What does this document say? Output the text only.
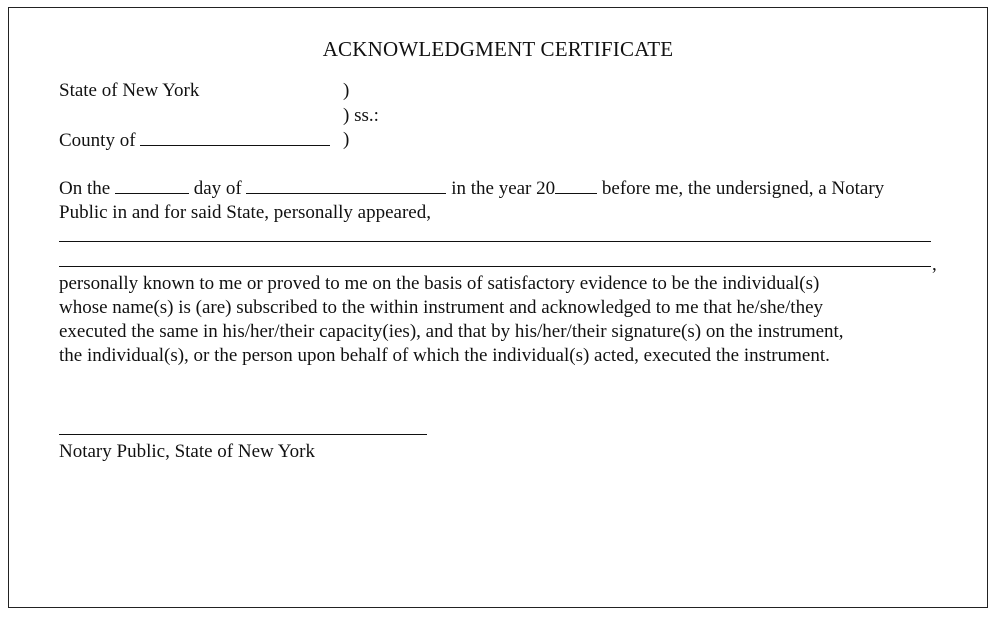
ACKNOWLEDGMENT CERTIFICATE
State of New York	)
) ss.:
County of	)
On the	day of	in the year 20 before me, the undersigned, a Notary
Public in and for said State, personally appeared,
,
personally known to me or proved to me on the basis of satisfactory evidence to be the individual(s)
whose name(s) is (are) subscribed to the within instrument and acknowledged to me that he/she/they
executed the same in his/her/their capacity(ies), and that by his/her/their signature(s) on the instrument,
the individual(s), or the person upon behalf of which the individual(s) acted, executed the instrument.
Notary Public, State of New York
